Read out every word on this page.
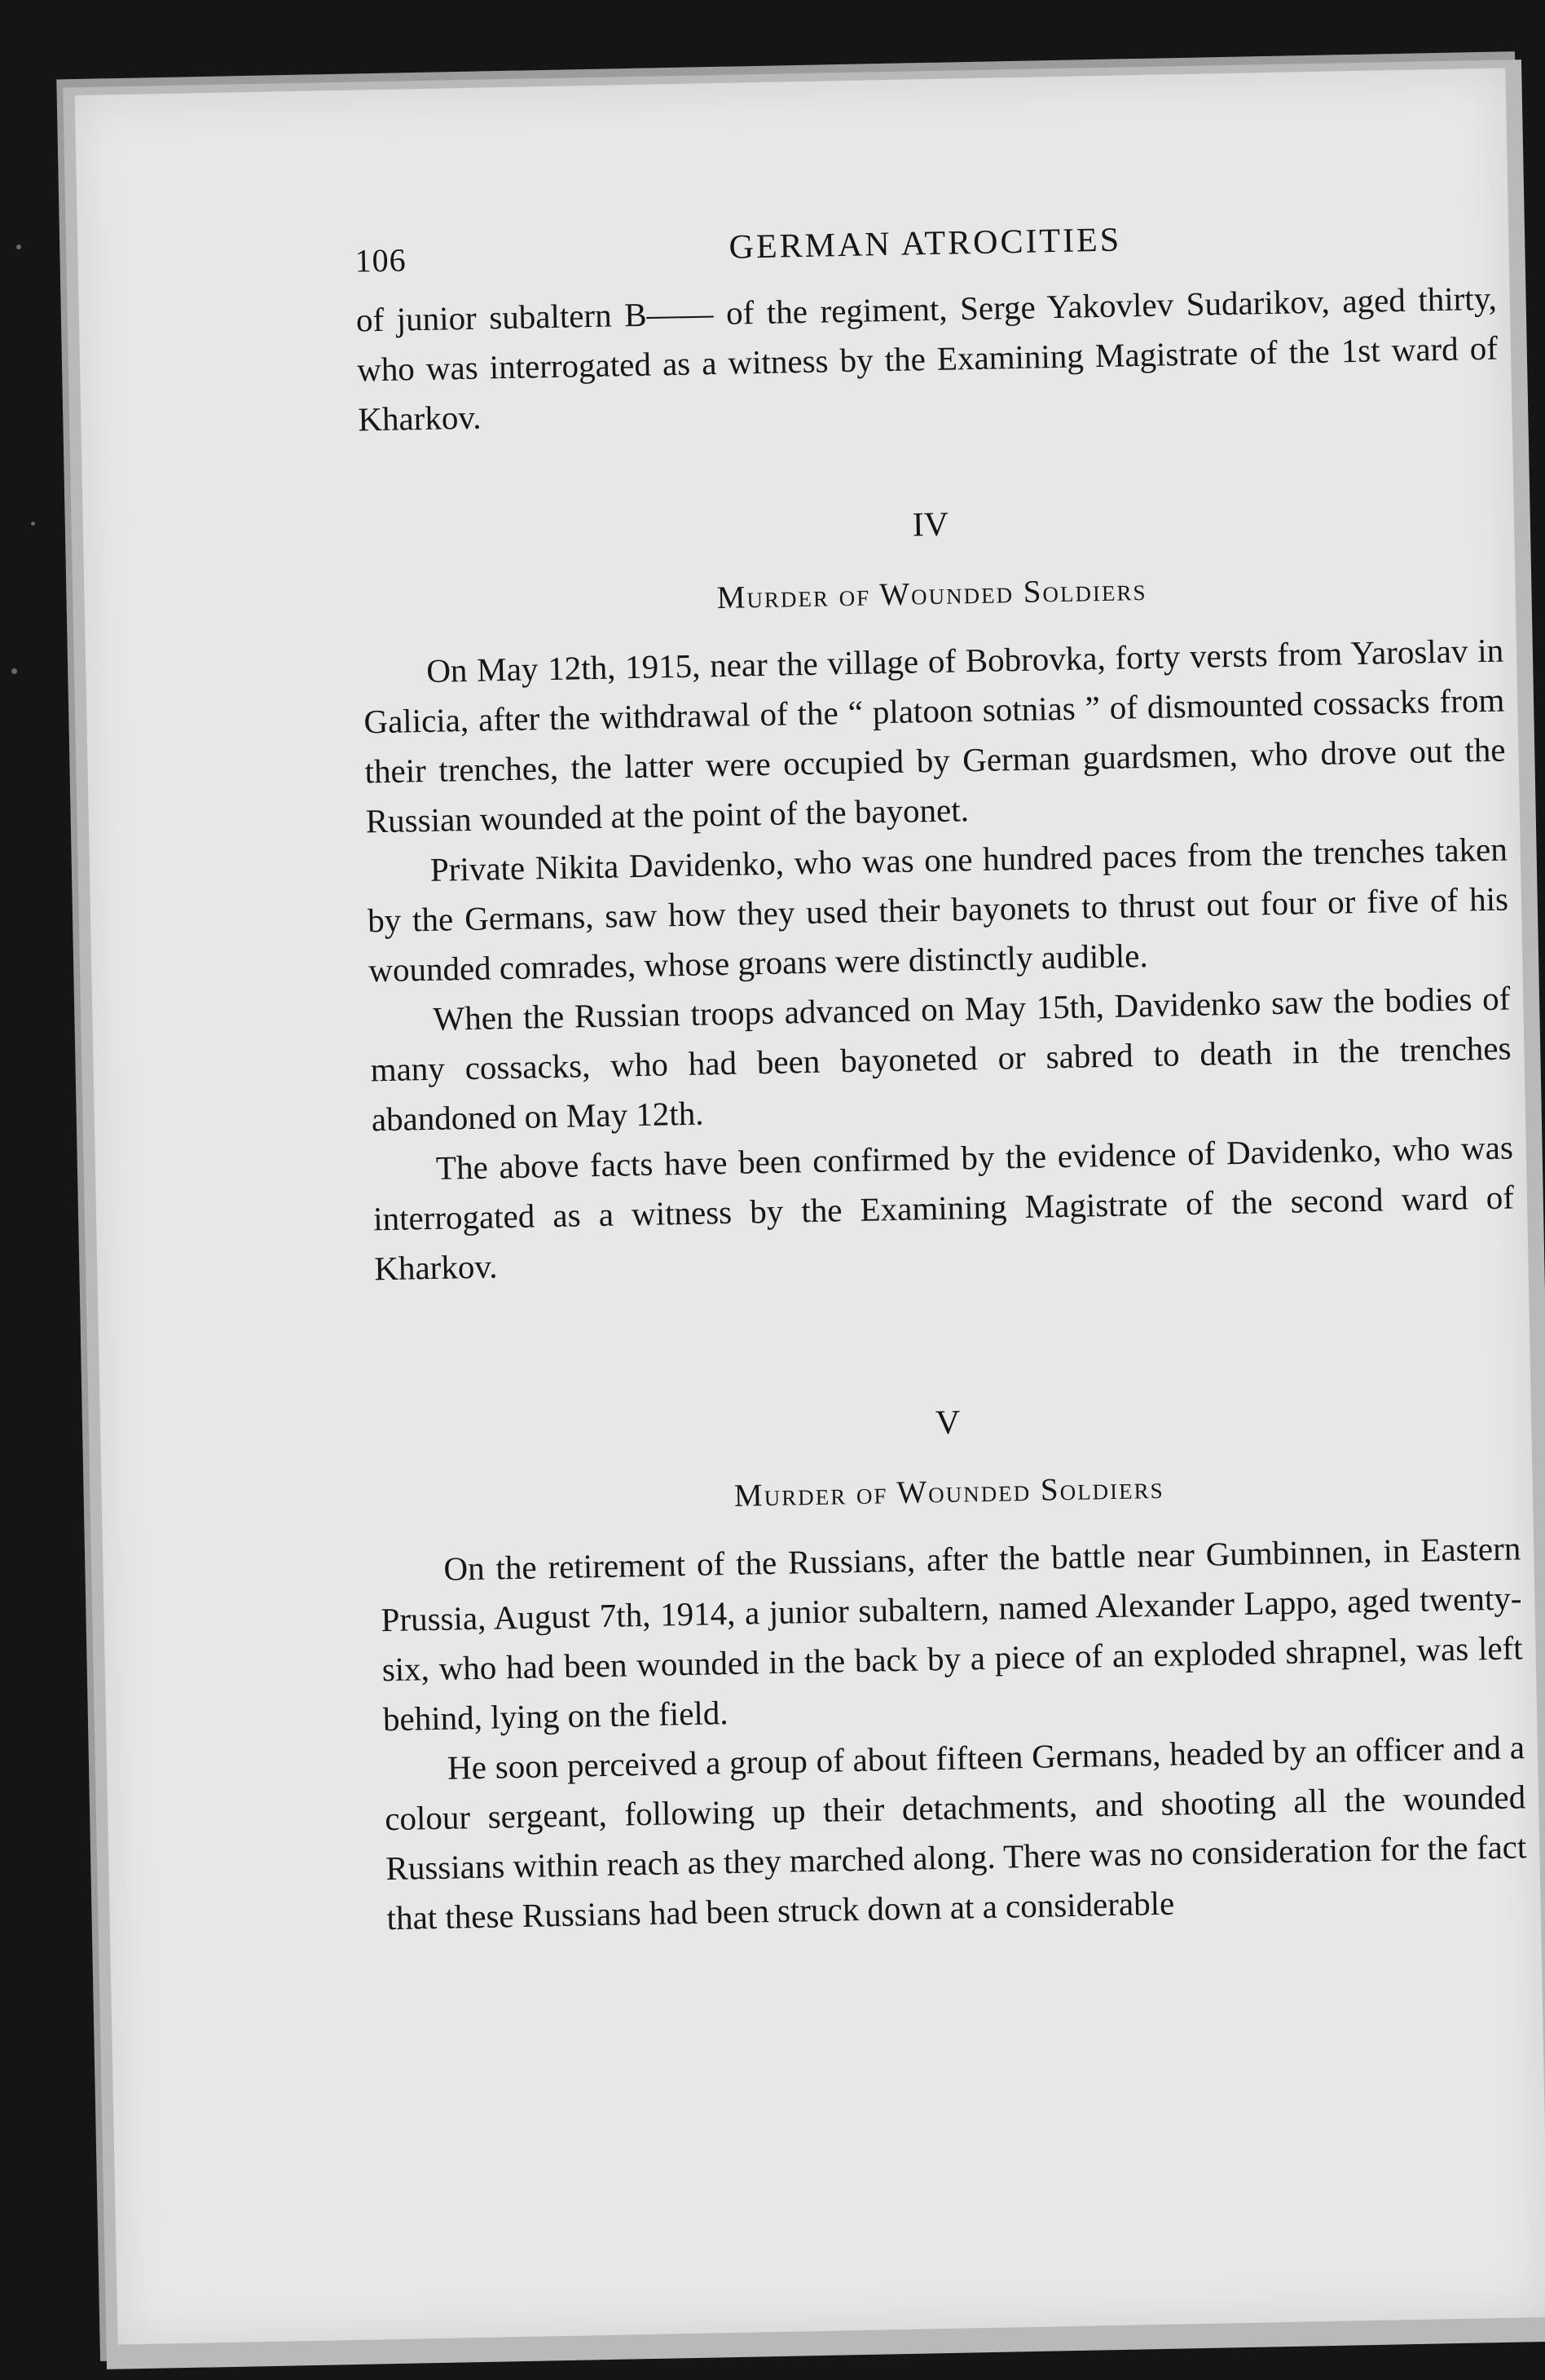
106	GERMAN ATROCITIES

of junior subaltern B—— of the regiment, Serge Yakovlev Sudarikov, aged thirty, who was interrogated as a witness by the Examining Magistrate of the 1st ward of Kharkov.

IV
Murder of Wounded Soldiers

On May 12th, 1915, near the village of Bobrovka, forty versts from Yaroslav in Galicia, after the withdrawal of the “ platoon sotnias ” of dismounted cossacks from their trenches, the latter were occupied by German guardsmen, who drove out the Russian wounded at the point of the bayonet.

Private Nikita Davidenko, who was one hundred paces from the trenches taken by the Germans, saw how they used their bayonets to thrust out four or five of his wounded comrades, whose groans were distinctly audible.

When the Russian troops advanced on May 15th, Davidenko saw the bodies of many cossacks, who had been bayoneted or sabred to death in the trenches abandoned on May 12th.

The above facts have been confirmed by the evidence of Davidenko, who was interrogated as a witness by the Examining Magistrate of the second ward of Kharkov.

V
Murder of Wounded Soldiers

On the retirement of the Russians, after the battle near Gumbinnen, in Eastern Prussia, August 7th, 1914, a junior subaltern, named Alexander Lappo, aged twenty-six, who had been wounded in the back by a piece of an exploded shrapnel, was left behind, lying on the field.

He soon perceived a group of about fifteen Germans, headed by an officer and a colour sergeant, following up their detachments, and shooting all the wounded Russians within reach as they marched along. There was no consideration for the fact that these Russians had been struck down at a considerable
